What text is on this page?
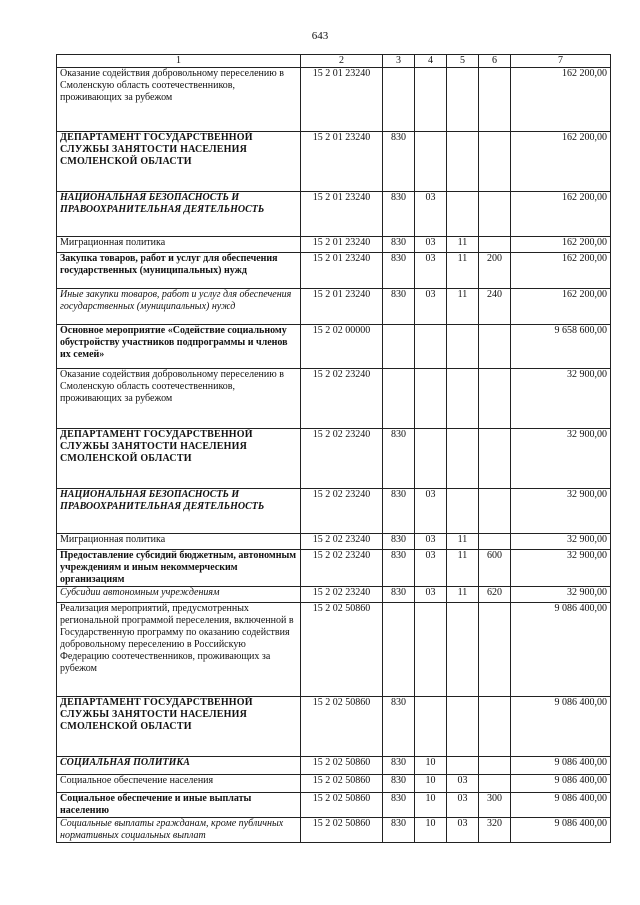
643
1	2	3	4	5	6	7
Оказание содействия добровольному переселению в Смоленскую область соотечественников, проживающих за рубежом	15 2 01 23240					162 200,00
ДЕПАРТАМЕНТ ГОСУДАРСТВЕННОЙ СЛУЖБЫ ЗАНЯТОСТИ НАСЕЛЕНИЯ СМОЛЕНСКОЙ ОБЛАСТИ	15 2 01 23240	830				162 200,00
НАЦИОНАЛЬНАЯ БЕЗОПАСНОСТЬ И ПРАВООХРАНИТЕЛЬНАЯ ДЕЯТЕЛЬНОСТЬ	15 2 01 23240	830	03			162 200,00
Миграционная политика	15 2 01 23240	830	03	11		162 200,00
Закупка товаров, работ и услуг для обеспечения государственных (муниципальных) нужд	15 2 01 23240	830	03	11	200	162 200,00
Иные закупки товаров, работ и услуг для обеспечения государственных (муниципальных) нужд	15 2 01 23240	830	03	11	240	162 200,00
Основное мероприятие «Содействие социальному обустройству участников подпрограммы и членов их семей»	15 2 02 00000					9 658 600,00
Оказание содействия добровольному переселению в Смоленскую область соотечественников, проживающих за рубежом	15 2 02 23240					32 900,00
ДЕПАРТАМЕНТ ГОСУДАРСТВЕННОЙ СЛУЖБЫ ЗАНЯТОСТИ НАСЕЛЕНИЯ СМОЛЕНСКОЙ ОБЛАСТИ	15 2 02 23240	830				32 900,00
НАЦИОНАЛЬНАЯ БЕЗОПАСНОСТЬ И ПРАВООХРАНИТЕЛЬНАЯ ДЕЯТЕЛЬНОСТЬ	15 2 02 23240	830	03			32 900,00
Миграционная политика	15 2 02 23240	830	03	11		32 900,00
Предоставление субсидий бюджетным, автономным учреждениям и иным некоммерческим организациям	15 2 02 23240	830	03	11	600	32 900,00
Субсидии автономным учреждениям	15 2 02 23240	830	03	11	620	32 900,00
Реализация мероприятий, предусмотренных региональной программой переселения, включенной в Государственную программу по оказанию содействия добровольному переселению в Российскую Федерацию соотечественников, проживающих за рубежом	15 2 02 50860					9 086 400,00
ДЕПАРТАМЕНТ ГОСУДАРСТВЕННОЙ СЛУЖБЫ ЗАНЯТОСТИ НАСЕЛЕНИЯ СМОЛЕНСКОЙ ОБЛАСТИ	15 2 02 50860	830				9 086 400,00
СОЦИАЛЬНАЯ ПОЛИТИКА	15 2 02 50860	830	10			9 086 400,00
Социальное обеспечение населения	15 2 02 50860	830	10	03		9 086 400,00
Социальное обеспечение и иные выплаты населению	15 2 02 50860	830	10	03	300	9 086 400,00
Социальные выплаты гражданам, кроме публичных нормативных социальных выплат	15 2 02 50860	830	10	03	320	9 086 400,00
